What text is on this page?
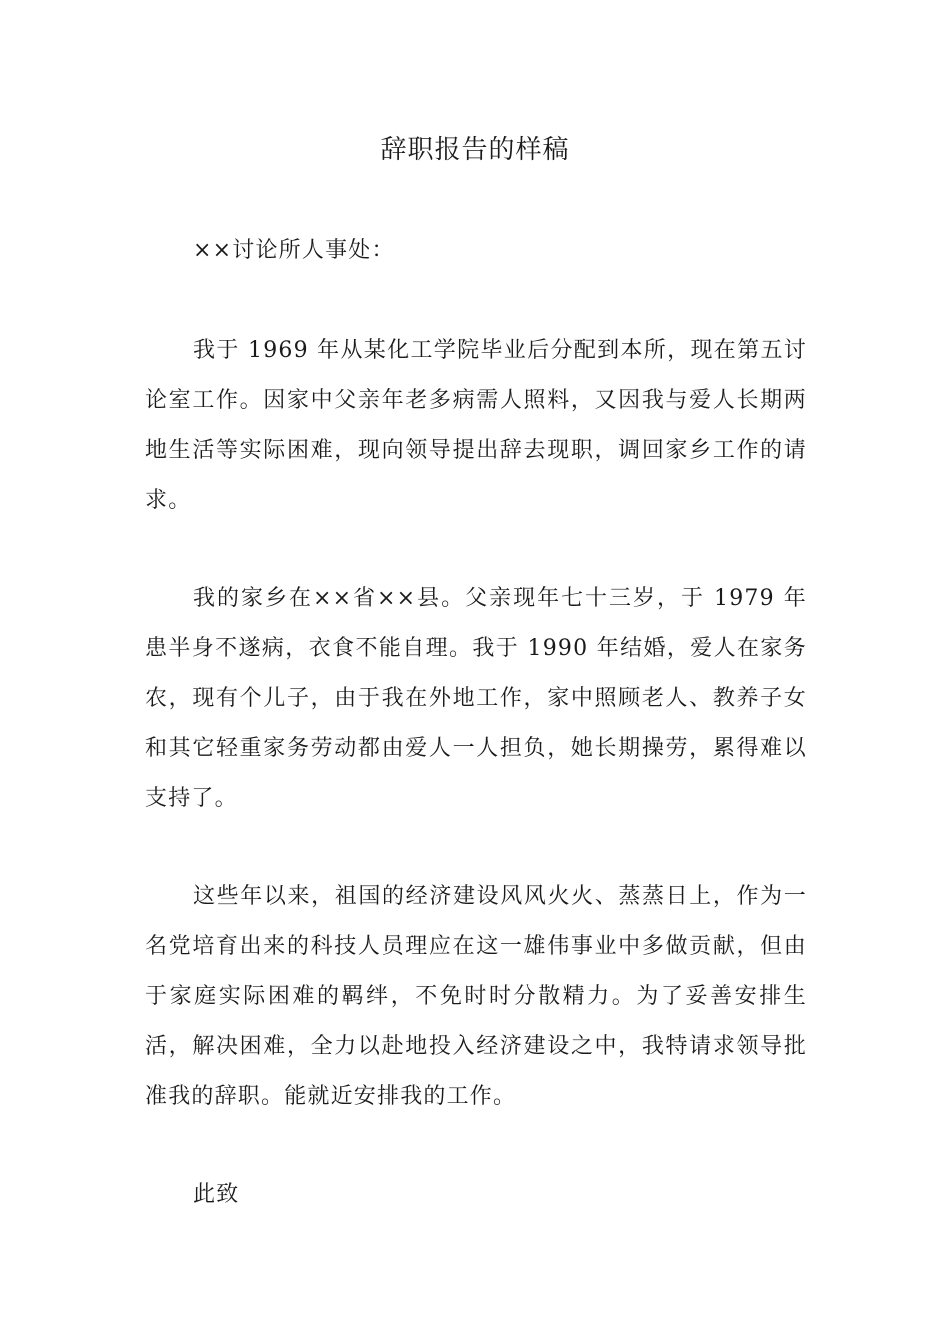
辞职报告的样稿

××讨论所人事处：

我于 1969 年从某化工学院毕业后分配到本所，现在第五讨论室工作。因家中父亲年老多病需人照料，又因我与爱人长期两地生活等实际困难，现向领导提出辞去现职，调回家乡工作的请求。

我的家乡在××省××县。父亲现年七十三岁，于 1979 年患半身不遂病，衣食不能自理。我于 1990 年结婚，爱人在家务农，现有个儿子，由于我在外地工作，家中照顾老人、教养子女和其它轻重家务劳动都由爱人一人担负，她长期操劳，累得难以支持了。

这些年以来，祖国的经济建设风风火火、蒸蒸日上，作为一名党培育出来的科技人员理应在这一雄伟事业中多做贡献，但由于家庭实际困难的羁绊，不免时时分散精力。为了妥善安排生活，解决困难，全力以赴地投入经济建设之中，我特请求领导批准我的辞职。能就近安排我的工作。

此致
